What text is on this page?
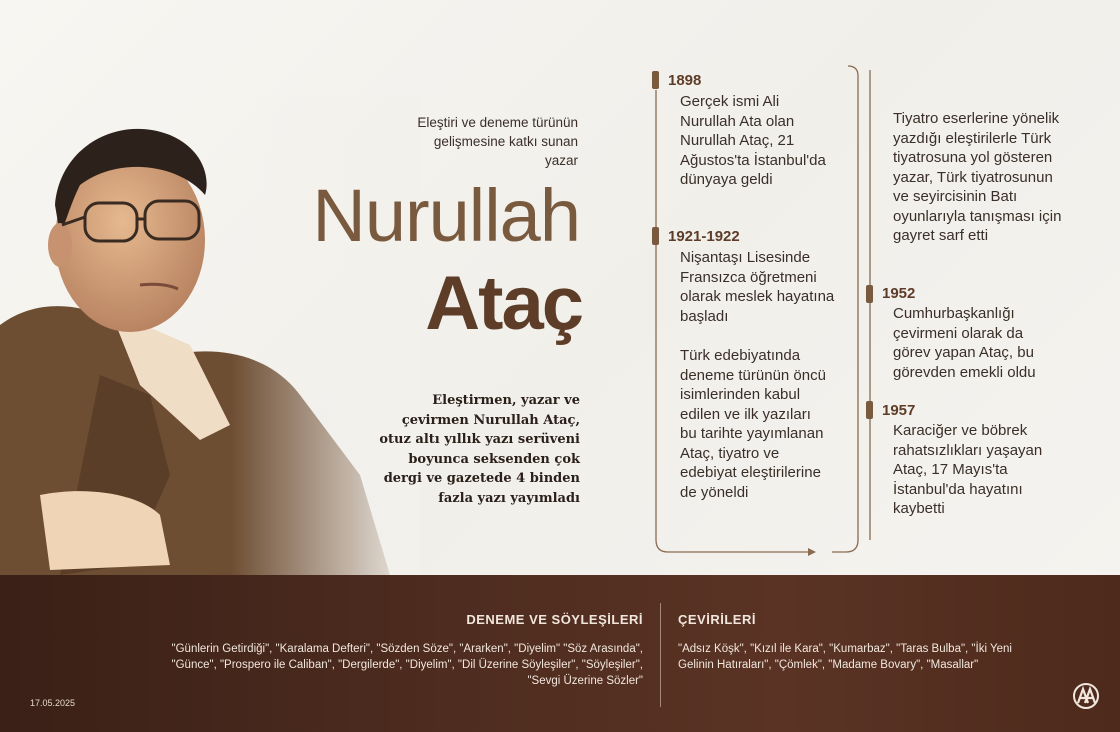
Eleştiri ve deneme türünün gelişmesine katkı sunan yazar
Nurullah
Ataç
Eleştirmen, yazar ve çevirmen Nurullah Ataç, otuz altı yıllık yazı serüveni boyunca seksenden çok dergi ve gazetede 4 binden fazla yazı yayımladı
1898
Gerçek ismi Ali Nurullah Ata olan Nurullah Ataç, 21 Ağustos'ta İstanbul'da dünyaya geldi
1921-1922
Nişantaşı Lisesinde Fransızca öğretmeni olarak meslek hayatına başladı
Türk edebiyatında deneme türünün öncü isimlerinden kabul edilen ve ilk yazıları bu tarihte yayımlanan Ataç, tiyatro ve edebiyat eleştirilerine de yöneldi
Tiyatro eserlerine yönelik yazdığı eleştirilerle Türk tiyatrosuna yol gösteren yazar, Türk tiyatrosunun ve seyircisinin Batı oyunlarıyla tanışması için gayret sarf etti
1952
Cumhurbaşkanlığı çevirmeni olarak da görev yapan Ataç, bu görevden emekli oldu
1957
Karaciğer ve böbrek rahatsızlıkları yaşayan Ataç, 17 Mayıs'ta İstanbul'da hayatını kaybetti
DENEME VE SÖYLEŞİLERİ
"Günlerin Getirdiği", "Karalama Defteri", "Sözden Söze", "Ararken", "Diyelim" "Söz Arasında", "Günce", "Prospero ile Caliban", "Dergilerde", "Diyelim", "Dil Üzerine Söyleşiler", "Söyleşiler", "Sevgi Üzerine Sözler"
ÇEVİRİLERİ
"Adsız Köşk", "Kızıl ile Kara", "Kumarbaz", "Taras Bulba", "İki Yeni Gelinin Hatıraları", "Çömlek", "Madame Bovary", "Masallar"
17.05.2025
